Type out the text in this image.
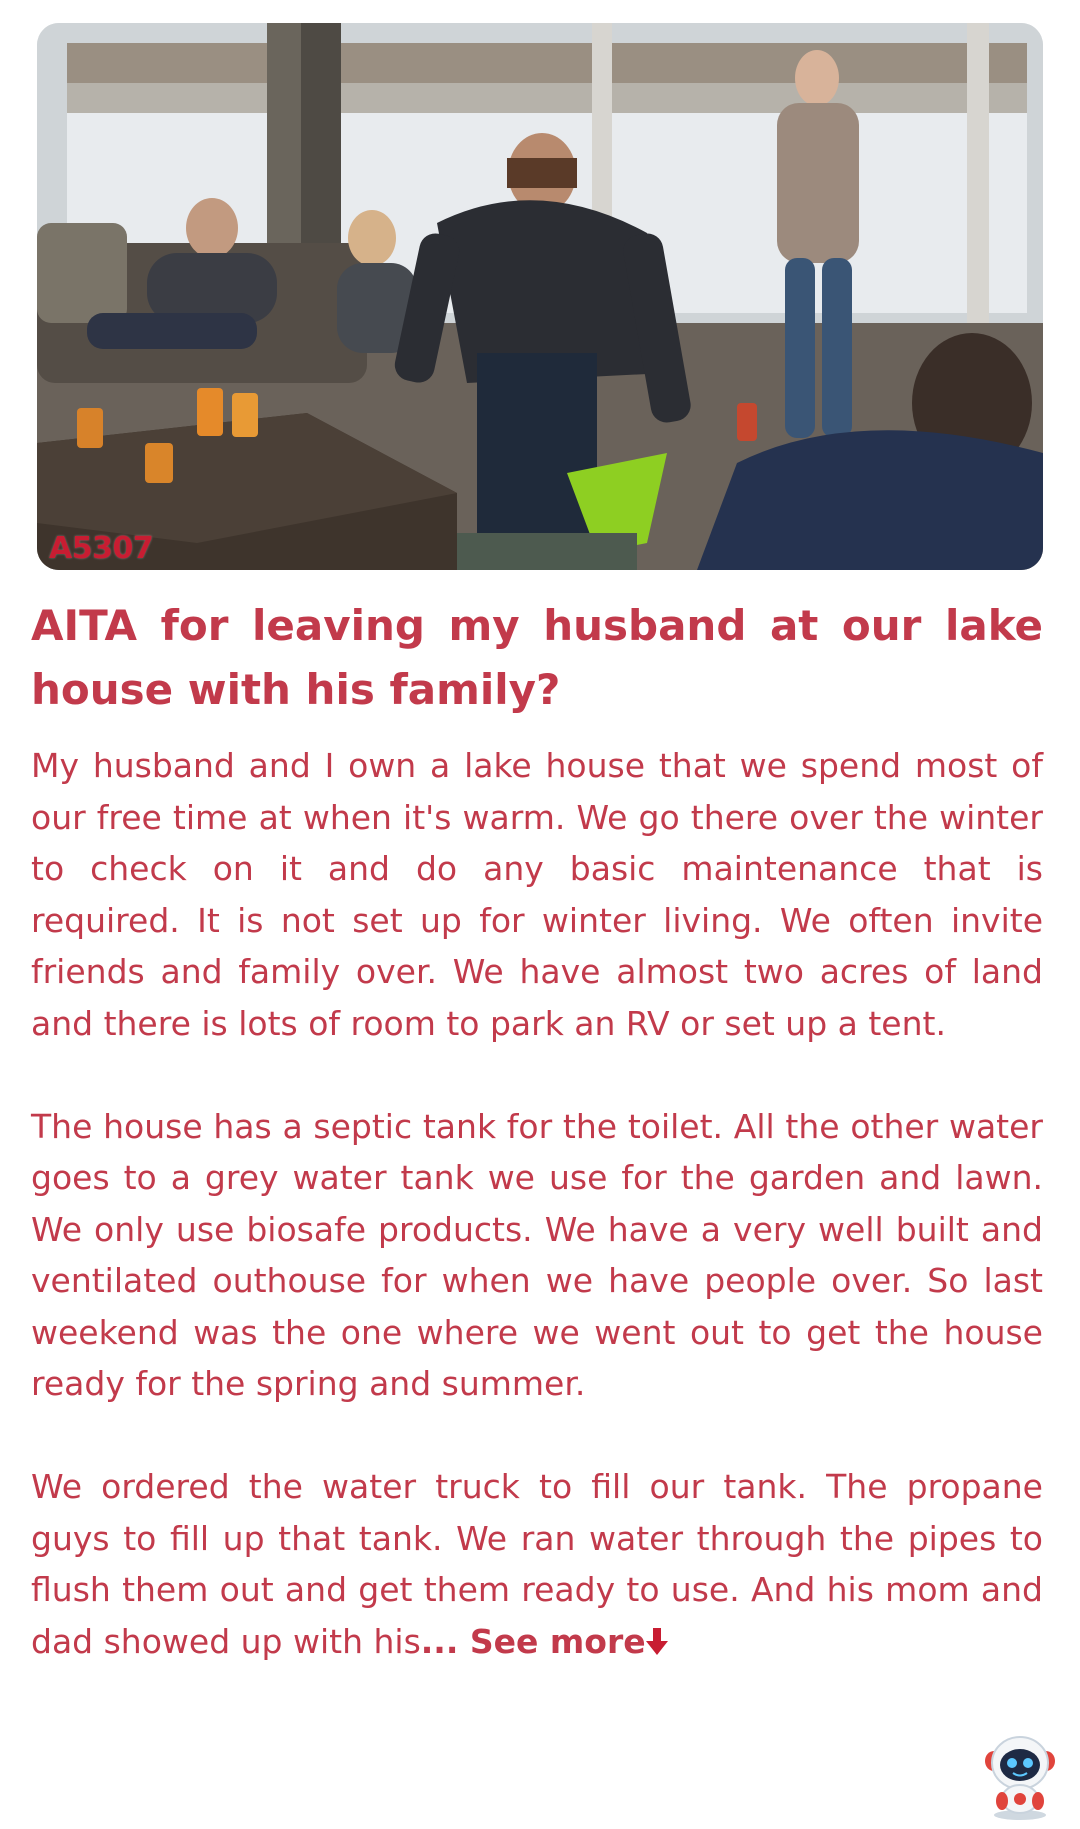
A5307
AITA for leaving my husband at our lake house with his family?

My husband and I own a lake house that we spend most of our free time at when it's warm. We go there over the winter to check on it and do any basic maintenance that is required. It is not set up for winter living. We often invite friends and family over. We have almost two acres of land and there is lots of room to park an RV or set up a tent.

The house has a septic tank for the toilet. All the other water goes to a grey water tank we use for the garden and lawn. We only use biosafe products. We have a very well built and ventilated outhouse for when we have people over. So last weekend was the one where we went out to get the house ready for the spring and summer.

We ordered the water truck to fill our tank. The propane guys to fill up that tank. We ran water through the pipes to flush them out and get them ready to use. And his mom and dad showed up with his... See more
